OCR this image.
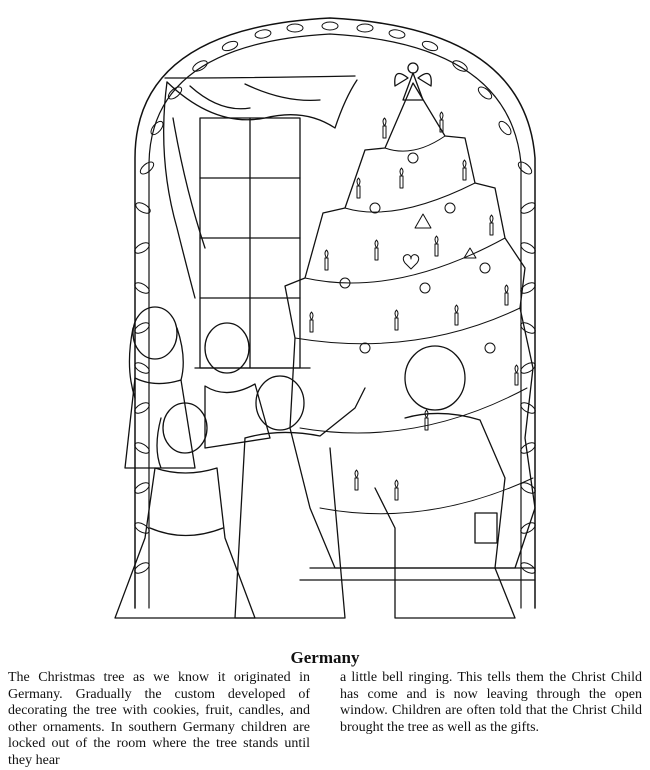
Germany
The Christmas tree as we know it originated in Germany. Gradually the custom developed of decorating the tree with cookies, fruit, candles, and other ornaments. In southern Germany children are locked out of the room where the tree stands until they hear
a little bell ringing. This tells them the Christ Child has come and is now leaving through the open window. Children are often told that the Christ Child brought the tree as well as the gifts.
